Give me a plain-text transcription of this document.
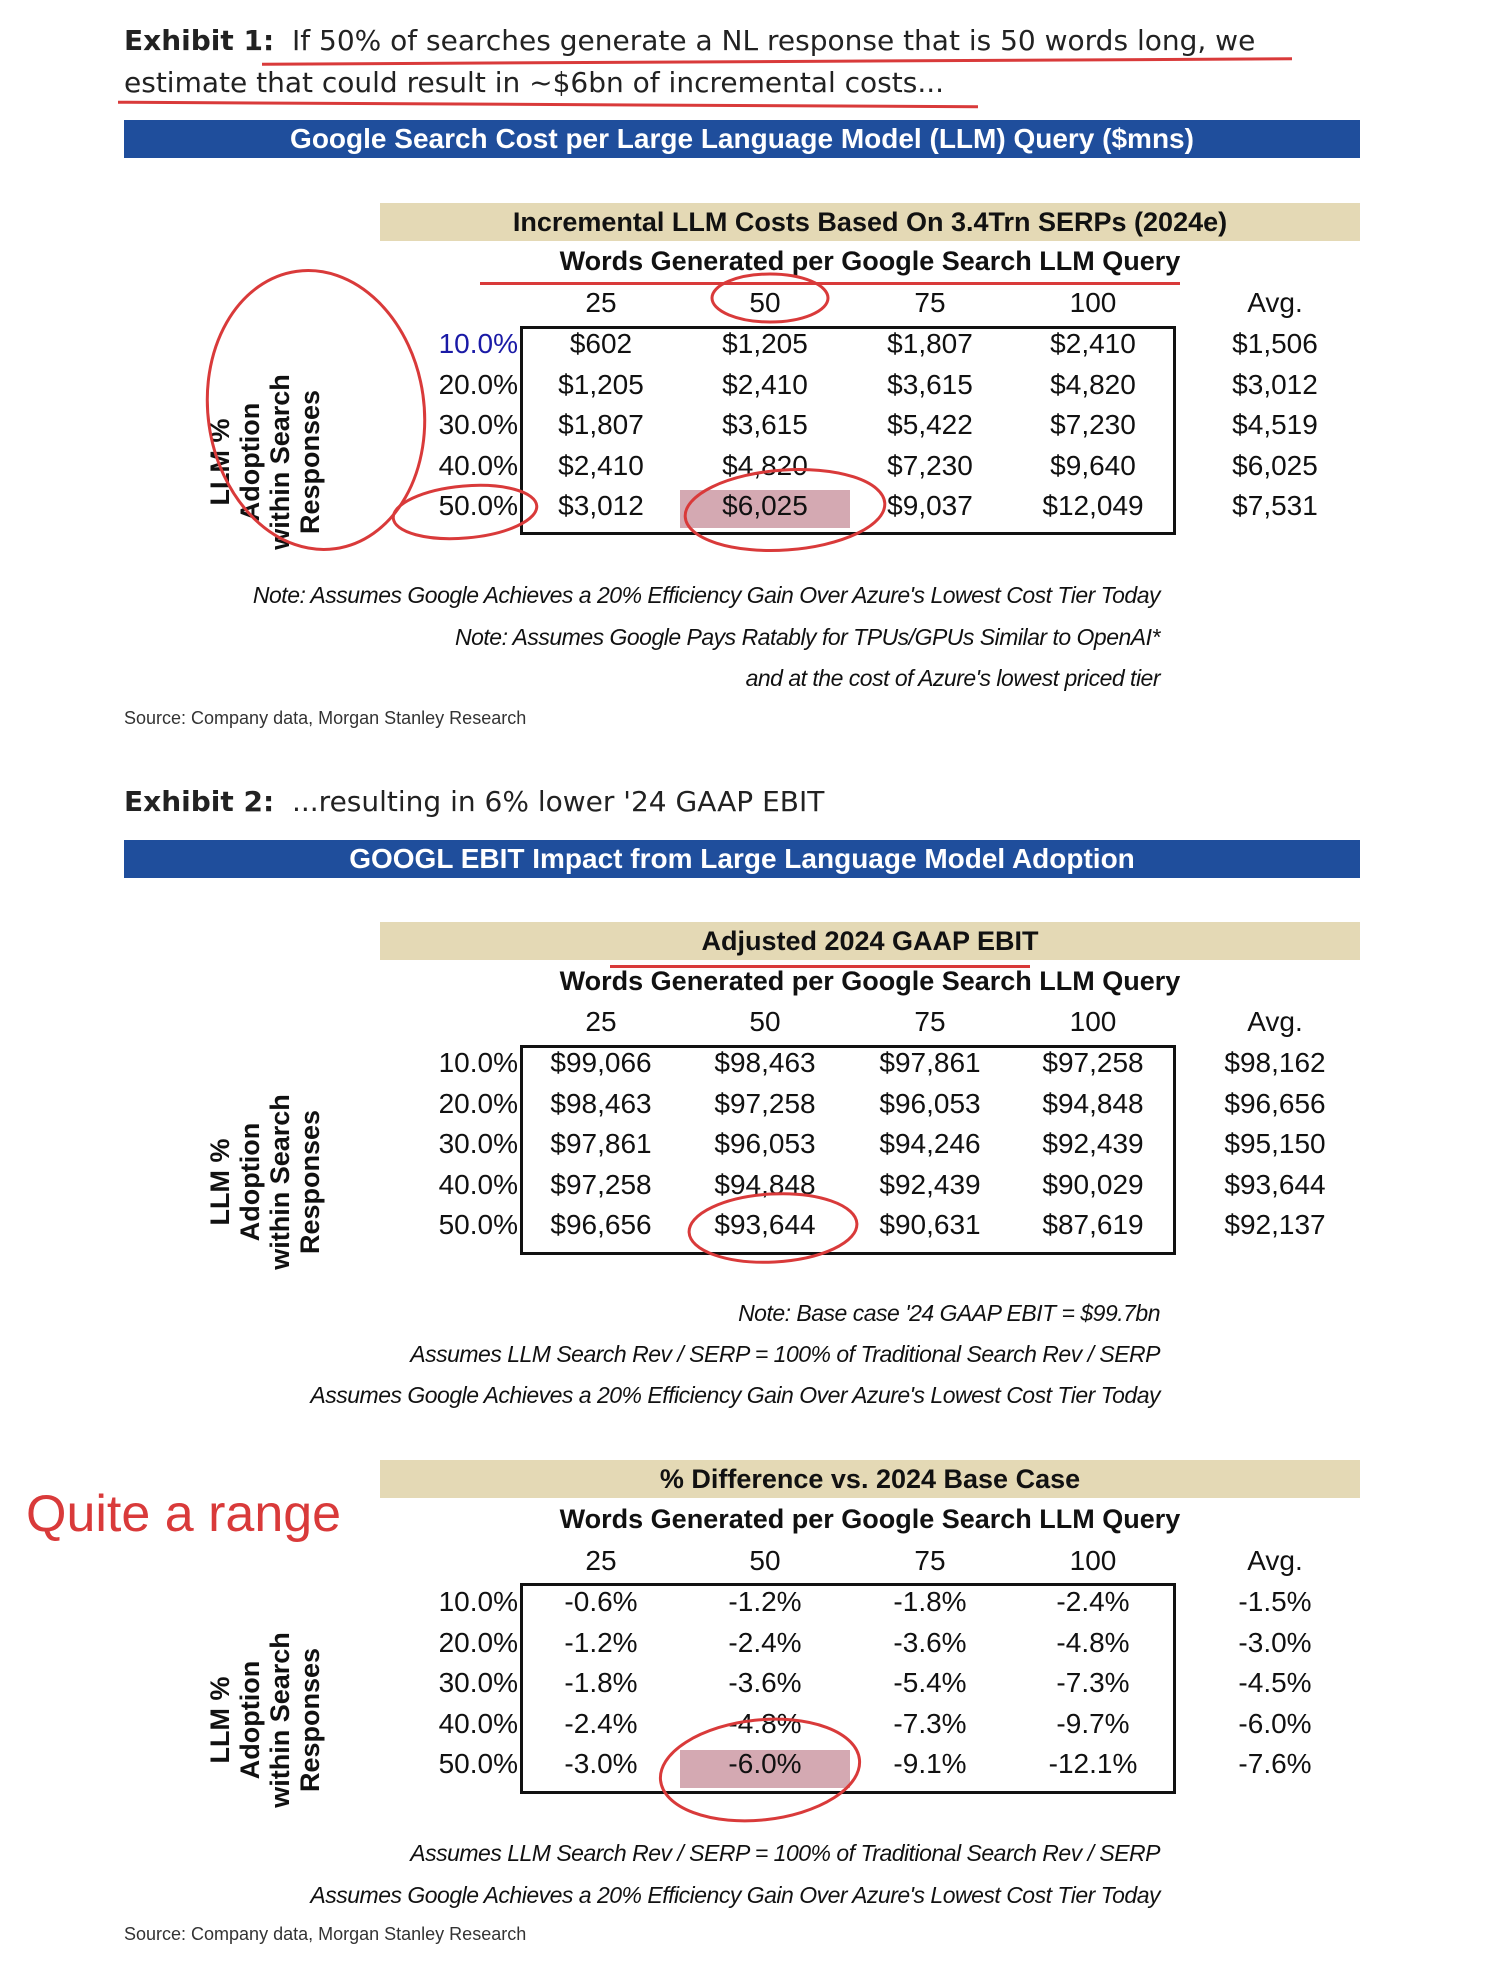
Exhibit 1: If 50% of searches generate a NL response that is 50 words long, we
estimate that could result in ~$6bn of incremental costs...
Google Search Cost per Large Language Model (LLM) Query ($mns)
Incremental LLM Costs Based On 3.4Trn SERPs (2024e)
Words Generated per Google Search LLM Query
25	50	75	100	Avg.
LLM % Adoption within Search Responses
10.0%	$602	$1,205	$1,807	$2,410	$1,506
20.0%	$1,205	$2,410	$3,615	$4,820	$3,012
30.0%	$1,807	$3,615	$5,422	$7,230	$4,519
40.0%	$2,410	$4,820	$7,230	$9,640	$6,025
50.0%	$3,012	$6,025	$9,037	$12,049	$7,531
Note: Assumes Google Achieves a 20% Efficiency Gain Over Azure's Lowest Cost Tier Today
Note: Assumes Google Pays Ratably for TPUs/GPUs Similar to OpenAI*
and at the cost of Azure's lowest priced tier
Source: Company data, Morgan Stanley Research
Exhibit 2: ...resulting in 6% lower '24 GAAP EBIT
GOOGL EBIT Impact from Large Language Model Adoption
Adjusted 2024 GAAP EBIT
Words Generated per Google Search LLM Query
25	50	75	100	Avg.
LLM % Adoption within Search Responses
10.0%	$99,066	$98,463	$97,861	$97,258	$98,162
20.0%	$98,463	$97,258	$96,053	$94,848	$96,656
30.0%	$97,861	$96,053	$94,246	$92,439	$95,150
40.0%	$97,258	$94,848	$92,439	$90,029	$93,644
50.0%	$96,656	$93,644	$90,631	$87,619	$92,137
Note: Base case '24 GAAP EBIT = $99.7bn
Assumes LLM Search Rev / SERP = 100% of Traditional Search Rev / SERP
Assumes Google Achieves a 20% Efficiency Gain Over Azure's Lowest Cost Tier Today
Quite a range
% Difference vs. 2024 Base Case
Words Generated per Google Search LLM Query
25	50	75	100	Avg.
LLM % Adoption within Search Responses
10.0%	-0.6%	-1.2%	-1.8%	-2.4%	-1.5%
20.0%	-1.2%	-2.4%	-3.6%	-4.8%	-3.0%
30.0%	-1.8%	-3.6%	-5.4%	-7.3%	-4.5%
40.0%	-2.4%	-4.8%	-7.3%	-9.7%	-6.0%
50.0%	-3.0%	-6.0%	-9.1%	-12.1%	-7.6%
Assumes LLM Search Rev / SERP = 100% of Traditional Search Rev / SERP
Assumes Google Achieves a 20% Efficiency Gain Over Azure's Lowest Cost Tier Today
Source: Company data, Morgan Stanley Research
